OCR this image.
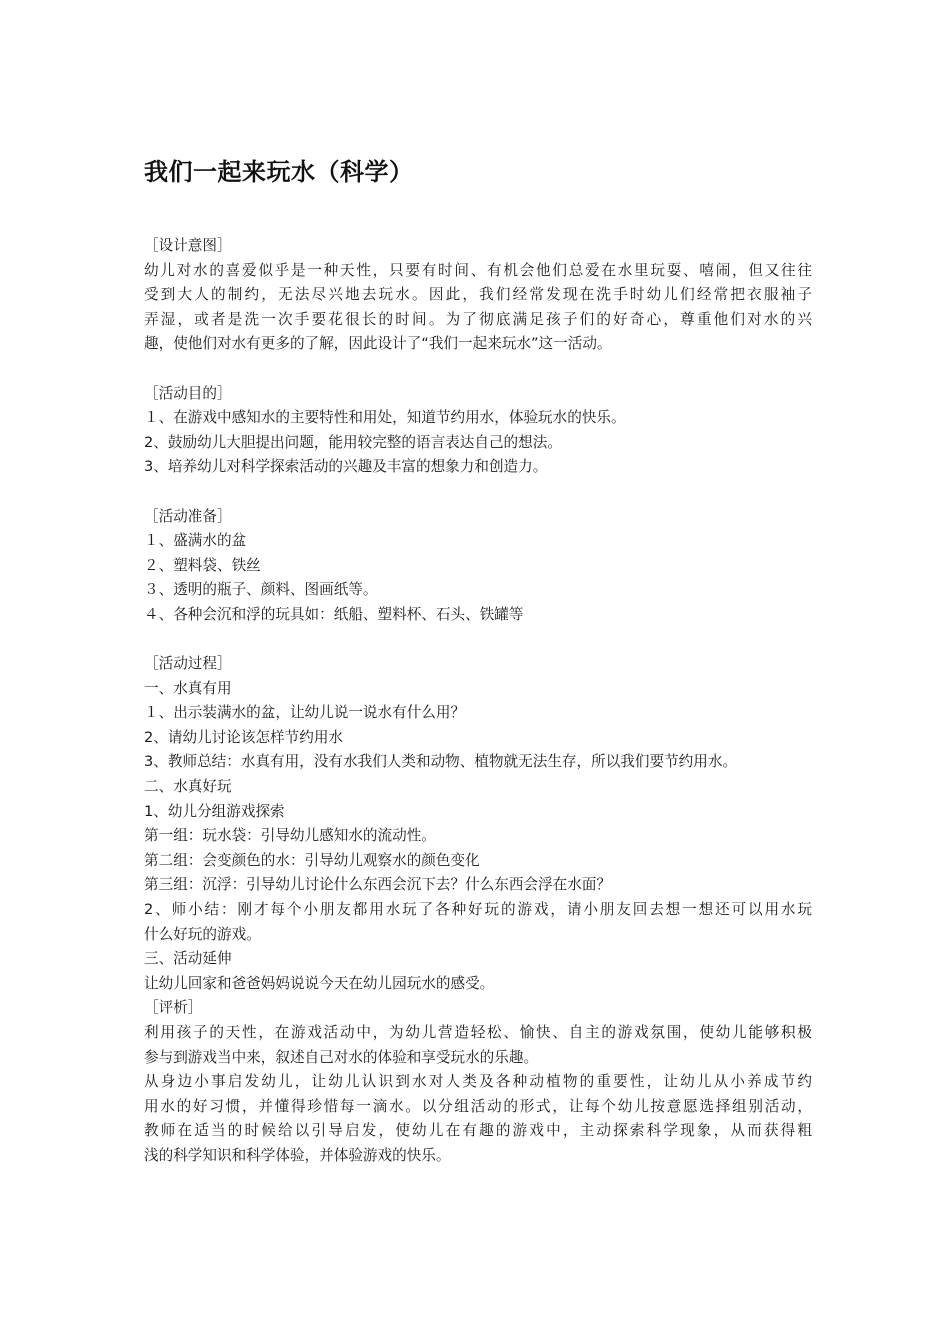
我们一起来玩水（科学）
［设计意图］
幼儿对水的喜爱似乎是一种天性，只要有时间、有机会他们总爱在水里玩耍、嘻闹，但又往往
受到大人的制约，无法尽兴地去玩水。因此，我们经常发现在洗手时幼儿们经常把衣服袖子
弄湿，或者是洗一次手要花很长的时间。为了彻底满足孩子们的好奇心，尊重他们对水的兴
趣，使他们对水有更多的了解，因此设计了“我们一起来玩水”这一活动。
［活动目的］
１、在游戏中感知水的主要特性和用处，知道节约用水，体验玩水的快乐。
2、鼓励幼儿大胆提出问题，能用较完整的语言表达自己的想法。
3、培养幼儿对科学探索活动的兴趣及丰富的想象力和创造力。
［活动准备］
１、盛满水的盆
２、塑料袋、铁丝
３、透明的瓶子、颜料、图画纸等。
４、各种会沉和浮的玩具如：纸船、塑料杯、石头、铁罐等
［活动过程］
一、水真有用
１、出示装满水的盆，让幼儿说一说水有什么用？
2、请幼儿讨论该怎样节约用水
3、教师总结：水真有用，没有水我们人类和动物、植物就无法生存，所以我们要节约用水。
二、水真好玩
1、幼儿分组游戏探索
第一组：玩水袋：引导幼儿感知水的流动性。
第二组：会变颜色的水：引导幼儿观察水的颜色变化
第三组：沉浮：引导幼儿讨论什么东西会沉下去？什么东西会浮在水面？
2、师小结：刚才每个小朋友都用水玩了各种好玩的游戏，请小朋友回去想一想还可以用水玩
什么好玩的游戏。
三、活动延伸
让幼儿回家和爸爸妈妈说说今天在幼儿园玩水的感受。
［评析］
利用孩子的天性，在游戏活动中，为幼儿营造轻松、愉快、自主的游戏氛围，使幼儿能够积极
参与到游戏当中来，叙述自己对水的体验和享受玩水的乐趣。
从身边小事启发幼儿，让幼儿认识到水对人类及各种动植物的重要性，让幼儿从小养成节约
用水的好习惯，并懂得珍惜每一滴水。以分组活动的形式，让每个幼儿按意愿选择组别活动，
教师在适当的时候给以引导启发，使幼儿在有趣的游戏中，主动探索科学现象，从而获得粗
浅的科学知识和科学体验，并体验游戏的快乐。
